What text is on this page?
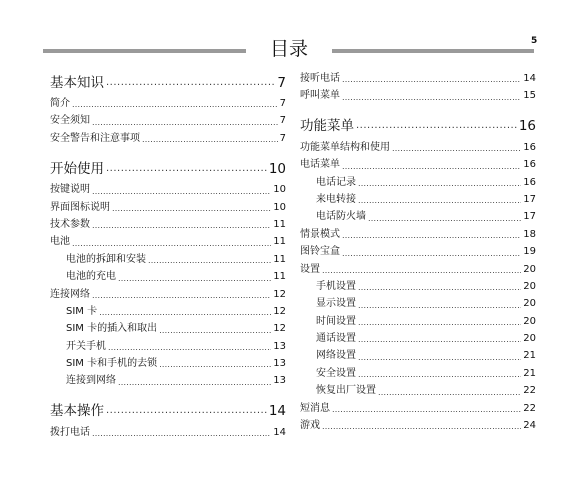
5
目录
基本知识 .....	7
简介 .....	7
安全须知 .....	7
安全警告和注意事项 .....	7
开始使用 .....	10
按键说明 .....	10
界面图标说明 .....	10
技术参数 .....	11
电池 .....	11
电池的拆卸和安装 .....	11
电池的充电 .....	11
连接网络 .....	12
SIM 卡 .....	12
SIM 卡的插入和取出 .....	12
开关手机 .....	13
SIM 卡和手机的去锁 .....	13
连接到网络 .....	13
基本操作 .....	14
拨打电话 .....	14
接听电话 .....	14
呼叫菜单 .....	15
功能菜单 .....	16
功能菜单结构和使用 .....	16
电话菜单 .....	16
电话记录 .....	16
来电转接 .....	17
电话防火墙 .....	17
情景模式 .....	18
图铃宝盒 .....	19
设置 .....	20
手机设置 .....	20
显示设置 .....	20
时间设置 .....	20
通话设置 .....	20
网络设置 .....	21
安全设置 .....	21
恢复出厂设置 .....	22
短消息 .....	22
游戏 .....	24
